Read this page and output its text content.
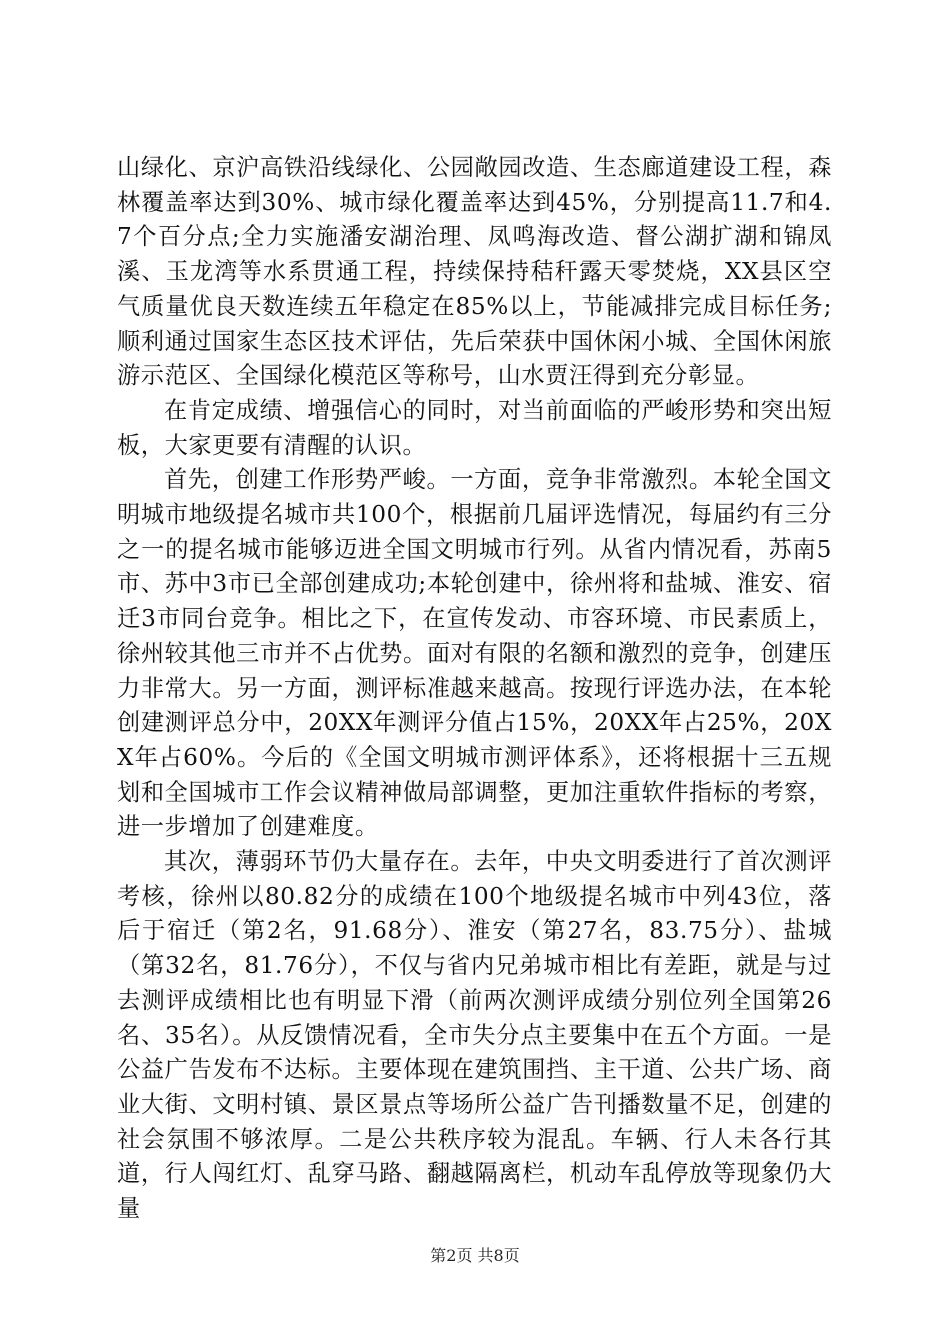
山绿化、京沪高铁沿线绿化、公园敞园改造、生态廊道建设工程，森林覆盖率达到30%、城市绿化覆盖率达到45%，分别提高11.7和4.7个百分点;全力实施潘安湖治理、凤鸣海改造、督公湖扩湖和锦凤溪、玉龙湾等水系贯通工程，持续保持秸秆露天零焚烧，XX县区空气质量优良天数连续五年稳定在85%以上，节能减排完成目标任务;顺利通过国家生态区技术评估，先后荣获中国休闲小城、全国休闲旅游示范区、全国绿化模范区等称号，山水贾汪得到充分彰显。

在肯定成绩、增强信心的同时，对当前面临的严峻形势和突出短板，大家更要有清醒的认识。

首先，创建工作形势严峻。一方面，竞争非常激烈。本轮全国文明城市地级提名城市共100个，根据前几届评选情况，每届约有三分之一的提名城市能够迈进全国文明城市行列。从省内情况看，苏南5市、苏中3市已全部创建成功;本轮创建中，徐州将和盐城、淮安、宿迁3市同台竞争。相比之下，在宣传发动、市容环境、市民素质上，徐州较其他三市并不占优势。面对有限的名额和激烈的竞争，创建压力非常大。另一方面，测评标准越来越高。按现行评选办法，在本轮创建测评总分中，20XX年测评分值占15%，20XX年占25%，20XX年占60%。今后的《全国文明城市测评体系》，还将根据十三五规划和全国城市工作会议精神做局部调整，更加注重软件指标的考察，进一步增加了创建难度。

其次，薄弱环节仍大量存在。去年，中央文明委进行了首次测评考核，徐州以80.82分的成绩在100个地级提名城市中列43位，落后于宿迁（第2名，91.68分）、淮安（第27名，83.75分）、盐城（第32名，81.76分），不仅与省内兄弟城市相比有差距，就是与过去测评成绩相比也有明显下滑（前两次测评成绩分别位列全国第26名、35名）。从反馈情况看，全市失分点主要集中在五个方面。一是公益广告发布不达标。主要体现在建筑围挡、主干道、公共广场、商业大街、文明村镇、景区景点等场所公益广告刊播数量不足，创建的社会氛围不够浓厚。二是公共秩序较为混乱。车辆、行人未各行其道，行人闯红灯、乱穿马路、翻越隔离栏，机动车乱停放等现象仍大量

第2页 共8页
